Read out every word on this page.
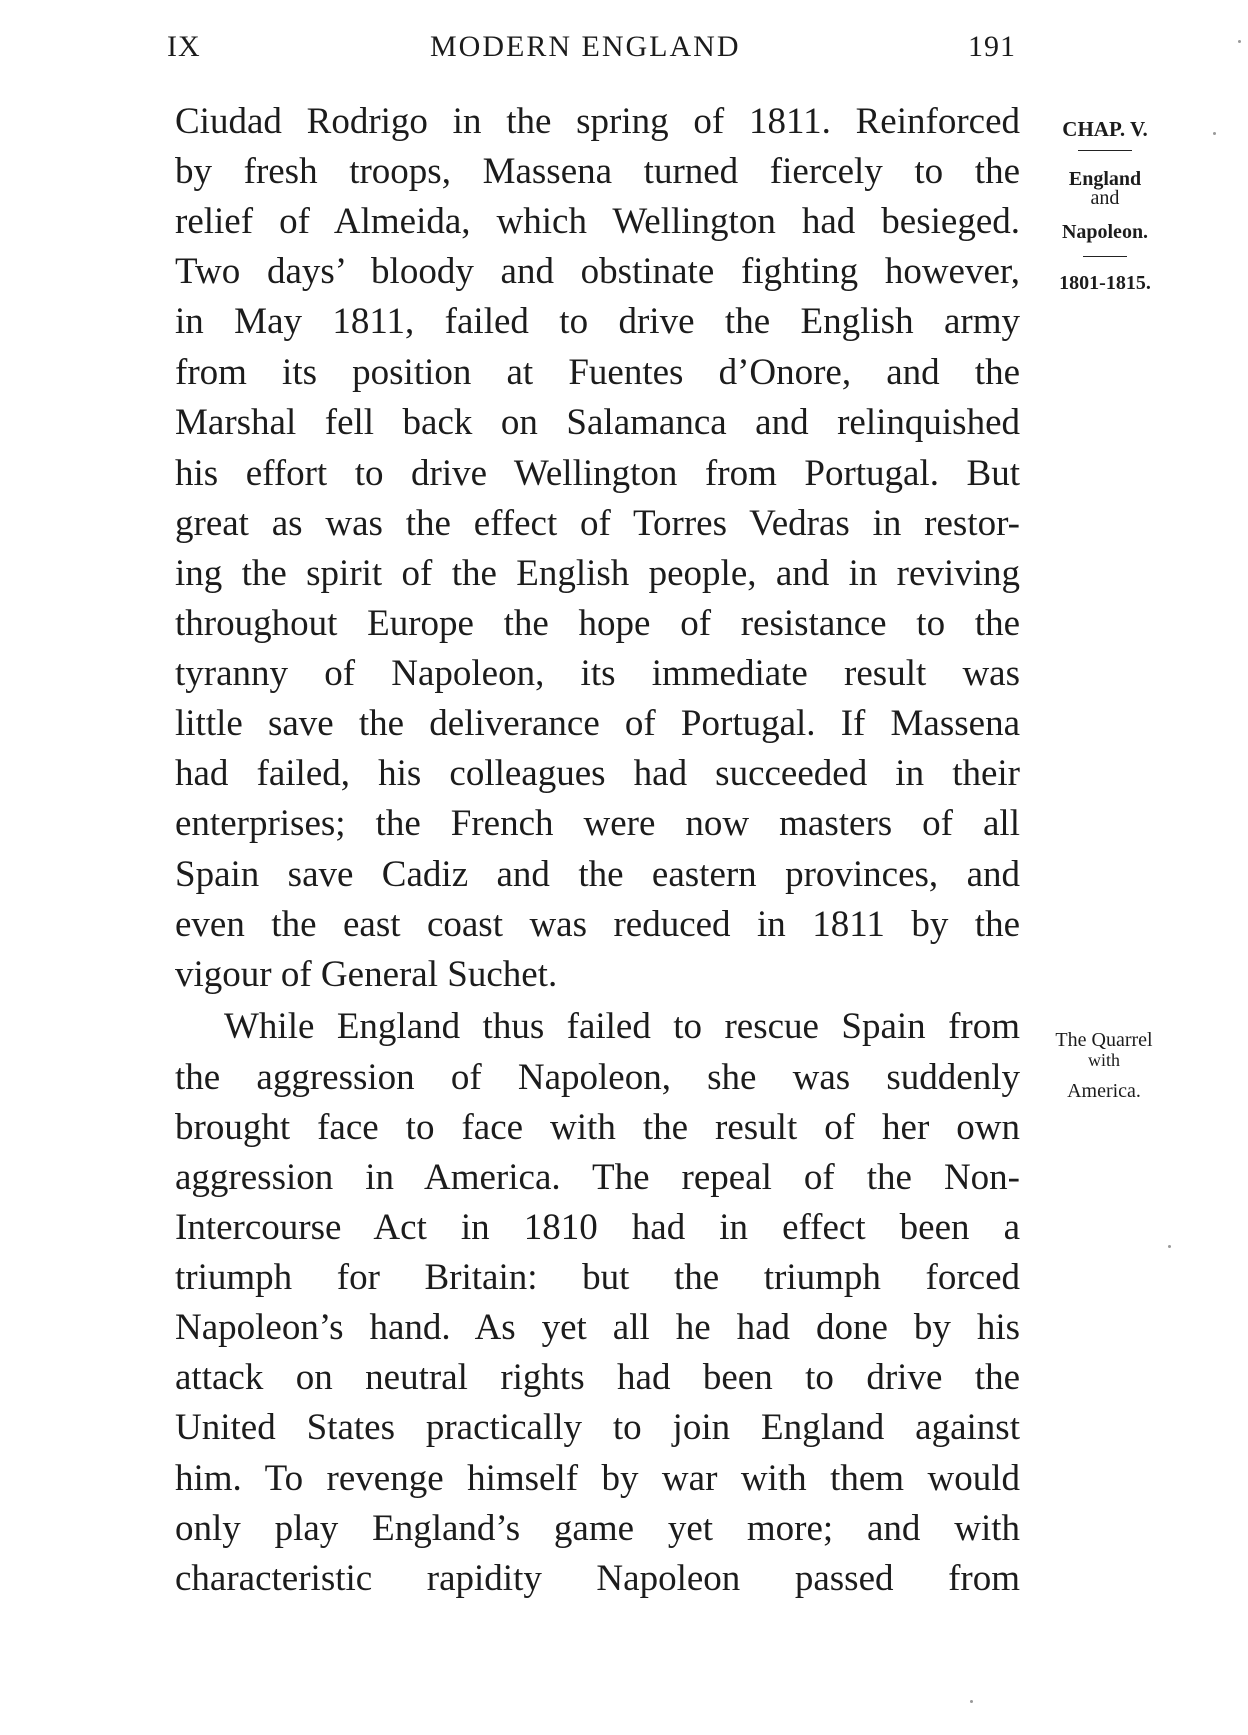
IX	MODERN ENGLAND	191
Ciudad Rodrigo in the spring of 1811. Reinforced
by fresh troops, Massena turned fiercely to the
relief of Almeida, which Wellington had besieged.
Two days’ bloody and obstinate fighting however,
in May 1811, failed to drive the English army
from its position at Fuentes d’Onore, and the
Marshal fell back on Salamanca and relinquished
his effort to drive Wellington from Portugal. But
great as was the effect of Torres Vedras in restor-
ing the spirit of the English people, and in reviving
throughout Europe the hope of resistance to the
tyranny of Napoleon, its immediate result was
little save the deliverance of Portugal. If Massena
had failed, his colleagues had succeeded in their
enterprises; the French were now masters of all
Spain save Cadiz and the eastern provinces, and
even the east coast was reduced in 1811 by the
vigour of General Suchet.
While England thus failed to rescue Spain from
the aggression of Napoleon, she was suddenly
brought face to face with the result of her own
aggression in America. The repeal of the Non-
Intercourse Act in 1810 had in effect been a
triumph for Britain: but the triumph forced
Napoleon’s hand. As yet all he had done by his
attack on neutral rights had been to drive the
United States practically to join England against
him. To revenge himself by war with them would
only play England’s game yet more; and with
characteristic rapidity Napoleon passed from
CHAP. V.
England
and
Napoleon.
1801-1815.
The Quarrel
with
America.
